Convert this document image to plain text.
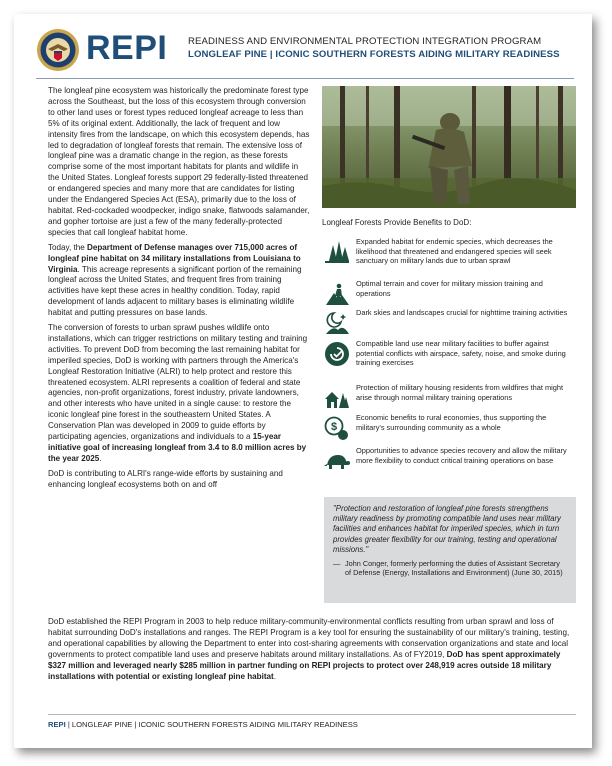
REPI READINESS AND ENVIRONMENTAL PROTECTION INTEGRATION PROGRAM
LONGLEAF PINE | ICONIC SOUTHERN FORESTS AIDING MILITARY READINESS

The longleaf pine ecosystem was historically the predominate forest type across the Southeast, but the loss of this ecosystem through conversion to other land uses or forest types reduced longleaf acreage to less than 5% of its original extent. Additionally, the lack of frequent and low intensity fires from the landscape, on which this ecosystem depends, has led to degradation of longleaf forests that remain. The extensive loss of longleaf pine was a dramatic change in the region, as these forests comprise some of the most important habitats for plants and wildlife in the United States. Longleaf forests support 29 federally-listed threatened or endangered species and many more that are candidates for listing under the Endangered Species Act (ESA), primarily due to the loss of habitat. Red-cockaded woodpecker, indigo snake, flatwoods salamander, and gopher tortoise are just a few of the many federally-protected species that call longleaf habitat home.

Today, the Department of Defense manages over 715,000 acres of longleaf pine habitat on 34 military installations from Louisiana to Virginia. This acreage represents a significant portion of the remaining longleaf across the United States, and frequent fires from training activities have kept these acres in healthy condition. Today, rapid development of lands adjacent to military bases is eliminating wildlife habitat and putting pressures on base lands.

The conversion of forests to urban sprawl pushes wildlife onto installations, which can trigger restrictions on military testing and training activities. To prevent DoD from becoming the last remaining habitat for imperiled species, DoD is working with partners through the America's Longleaf Restoration Initiative (ALRI) to help protect and restore this threatened ecosystem. ALRI represents a coalition of federal and state agencies, non-profit organizations, forest industry, private landowners, and other interests who have united in a single cause: to restore the iconic longleaf pine forest in the southeastern United States. A Conservation Plan was developed in 2009 to guide efforts by participating agencies, organizations and individuals to a 15-year initiative goal of increasing longleaf from 3.4 to 8.0 million acres by the year 2025.

DoD is contributing to ALRI's range-wide efforts by sustaining and enhancing longleaf ecosystems both on and off

Longleaf Forests Provide Benefits to DoD:
Expanded habitat for endemic species, which decreases the likelihood that threatened and endangered species will seek sanctuary on military lands due to urban sprawl
Optimal terrain and cover for military mission training and operations
Dark skies and landscapes crucial for nighttime training activities
Compatible land use near military facilities to buffer against potential conflicts with airspace, safety, noise, and smoke during training exercises
Protection of military housing residents from wildfires that might arise through normal military training operations
$
Economic benefits to rural economies, thus supporting the military's surrounding community as a whole
Opportunities to advance species recovery and allow the military more flexibility to conduct critical training operations on base
"Protection and restoration of longleaf pine forests strengthens military readiness by promoting compatible land uses near military facilities and enhances habitat for imperiled species, which in turn provides greater flexibility for our training, testing and operational missions."
— John Conger, formerly performing the duties of Assistant Secretary of Defense (Energy, Installations and Environment) (June 30, 2015)
DoD established the REPI Program in 2003 to help reduce military-community-environmental conflicts resulting from urban sprawl and loss of habitat surrounding DoD's installations and ranges. The REPI Program is a key tool for ensuring the sustainability of our military's training, testing, and operational capabilities by allowing the Department to enter into cost-sharing agreements with conservation organizations and state and local governments to protect compatible land uses and preserve habitats around military installations. As of FY2019, DoD has spent approximately $327 million and leveraged nearly $285 million in partner funding on REPI projects to protect over 248,919 acres outside 18 military installations with potential or existing longleaf pine habitat.
REPI | LONGLEAF PINE | ICONIC SOUTHERN FORESTS AIDING MILITARY READINESS
